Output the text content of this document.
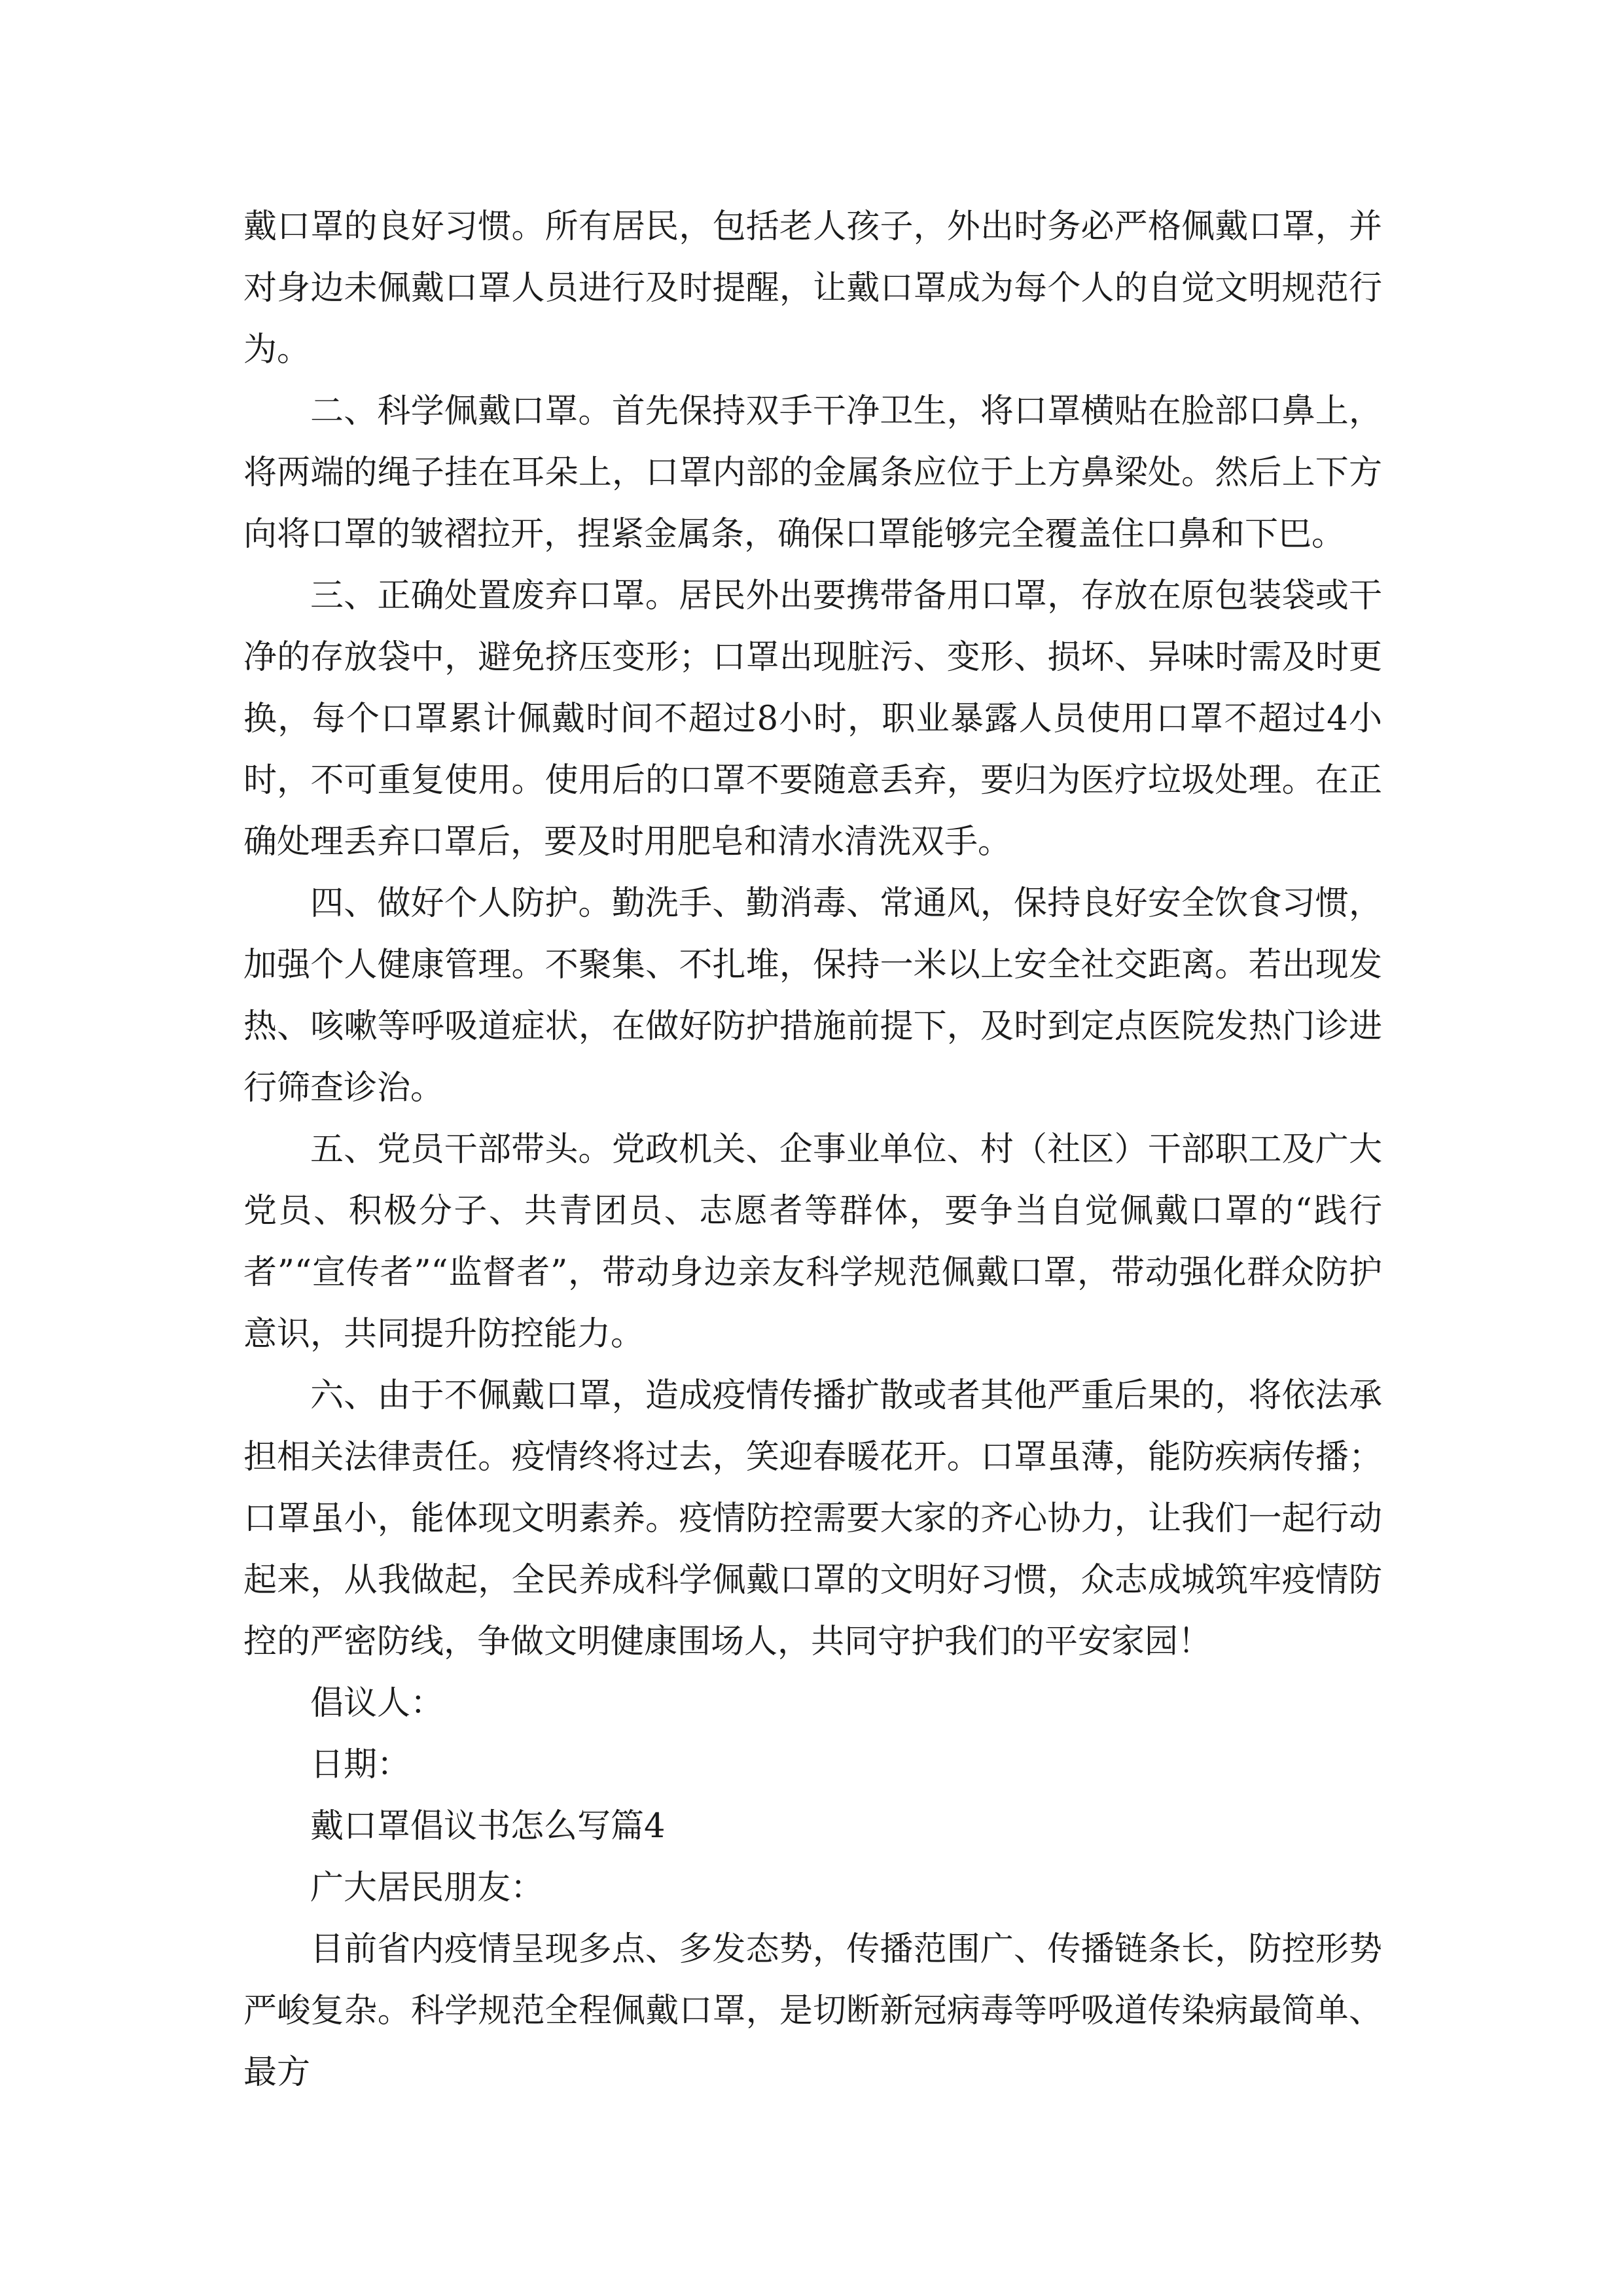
戴口罩的良好习惯。所有居民，包括老人孩子，外出时务必严格佩戴口罩，并对身边未佩戴口罩人员进行及时提醒，让戴口罩成为每个人的自觉文明规范行为。

二、科学佩戴口罩。首先保持双手干净卫生，将口罩横贴在脸部口鼻上，将两端的绳子挂在耳朵上，口罩内部的金属条应位于上方鼻梁处。然后上下方向将口罩的皱褶拉开，捏紧金属条，确保口罩能够完全覆盖住口鼻和下巴。

三、正确处置废弃口罩。居民外出要携带备用口罩，存放在原包装袋或干净的存放袋中，避免挤压变形；口罩出现脏污、变形、损坏、异味时需及时更换，每个口罩累计佩戴时间不超过8小时，职业暴露人员使用口罩不超过4小时，不可重复使用。使用后的口罩不要随意丢弃，要归为医疗垃圾处理。在正确处理丢弃口罩后，要及时用肥皂和清水清洗双手。

四、做好个人防护。勤洗手、勤消毒、常通风，保持良好安全饮食习惯，加强个人健康管理。不聚集、不扎堆，保持一米以上安全社交距离。若出现发热、咳嗽等呼吸道症状，在做好防护措施前提下，及时到定点医院发热门诊进行筛查诊治。

五、党员干部带头。党政机关、企事业单位、村（社区）干部职工及广大党员、积极分子、共青团员、志愿者等群体，要争当自觉佩戴口罩的“践行者”“宣传者”“监督者”，带动身边亲友科学规范佩戴口罩，带动强化群众防护意识，共同提升防控能力。

六、由于不佩戴口罩，造成疫情传播扩散或者其他严重后果的，将依法承担相关法律责任。疫情终将过去，笑迎春暖花开。口罩虽薄，能防疾病传播；口罩虽小，能体现文明素养。疫情防控需要大家的齐心协力，让我们一起行动起来，从我做起，全民养成科学佩戴口罩的文明好习惯，众志成城筑牢疫情防控的严密防线，争做文明健康围场人，共同守护我们的平安家园！

倡议人：

日期：

戴口罩倡议书怎么写篇4

广大居民朋友：

目前省内疫情呈现多点、多发态势，传播范围广、传播链条长，防控形势严峻复杂。科学规范全程佩戴口罩，是切断新冠病毒等呼吸道传染病最简单、最方
